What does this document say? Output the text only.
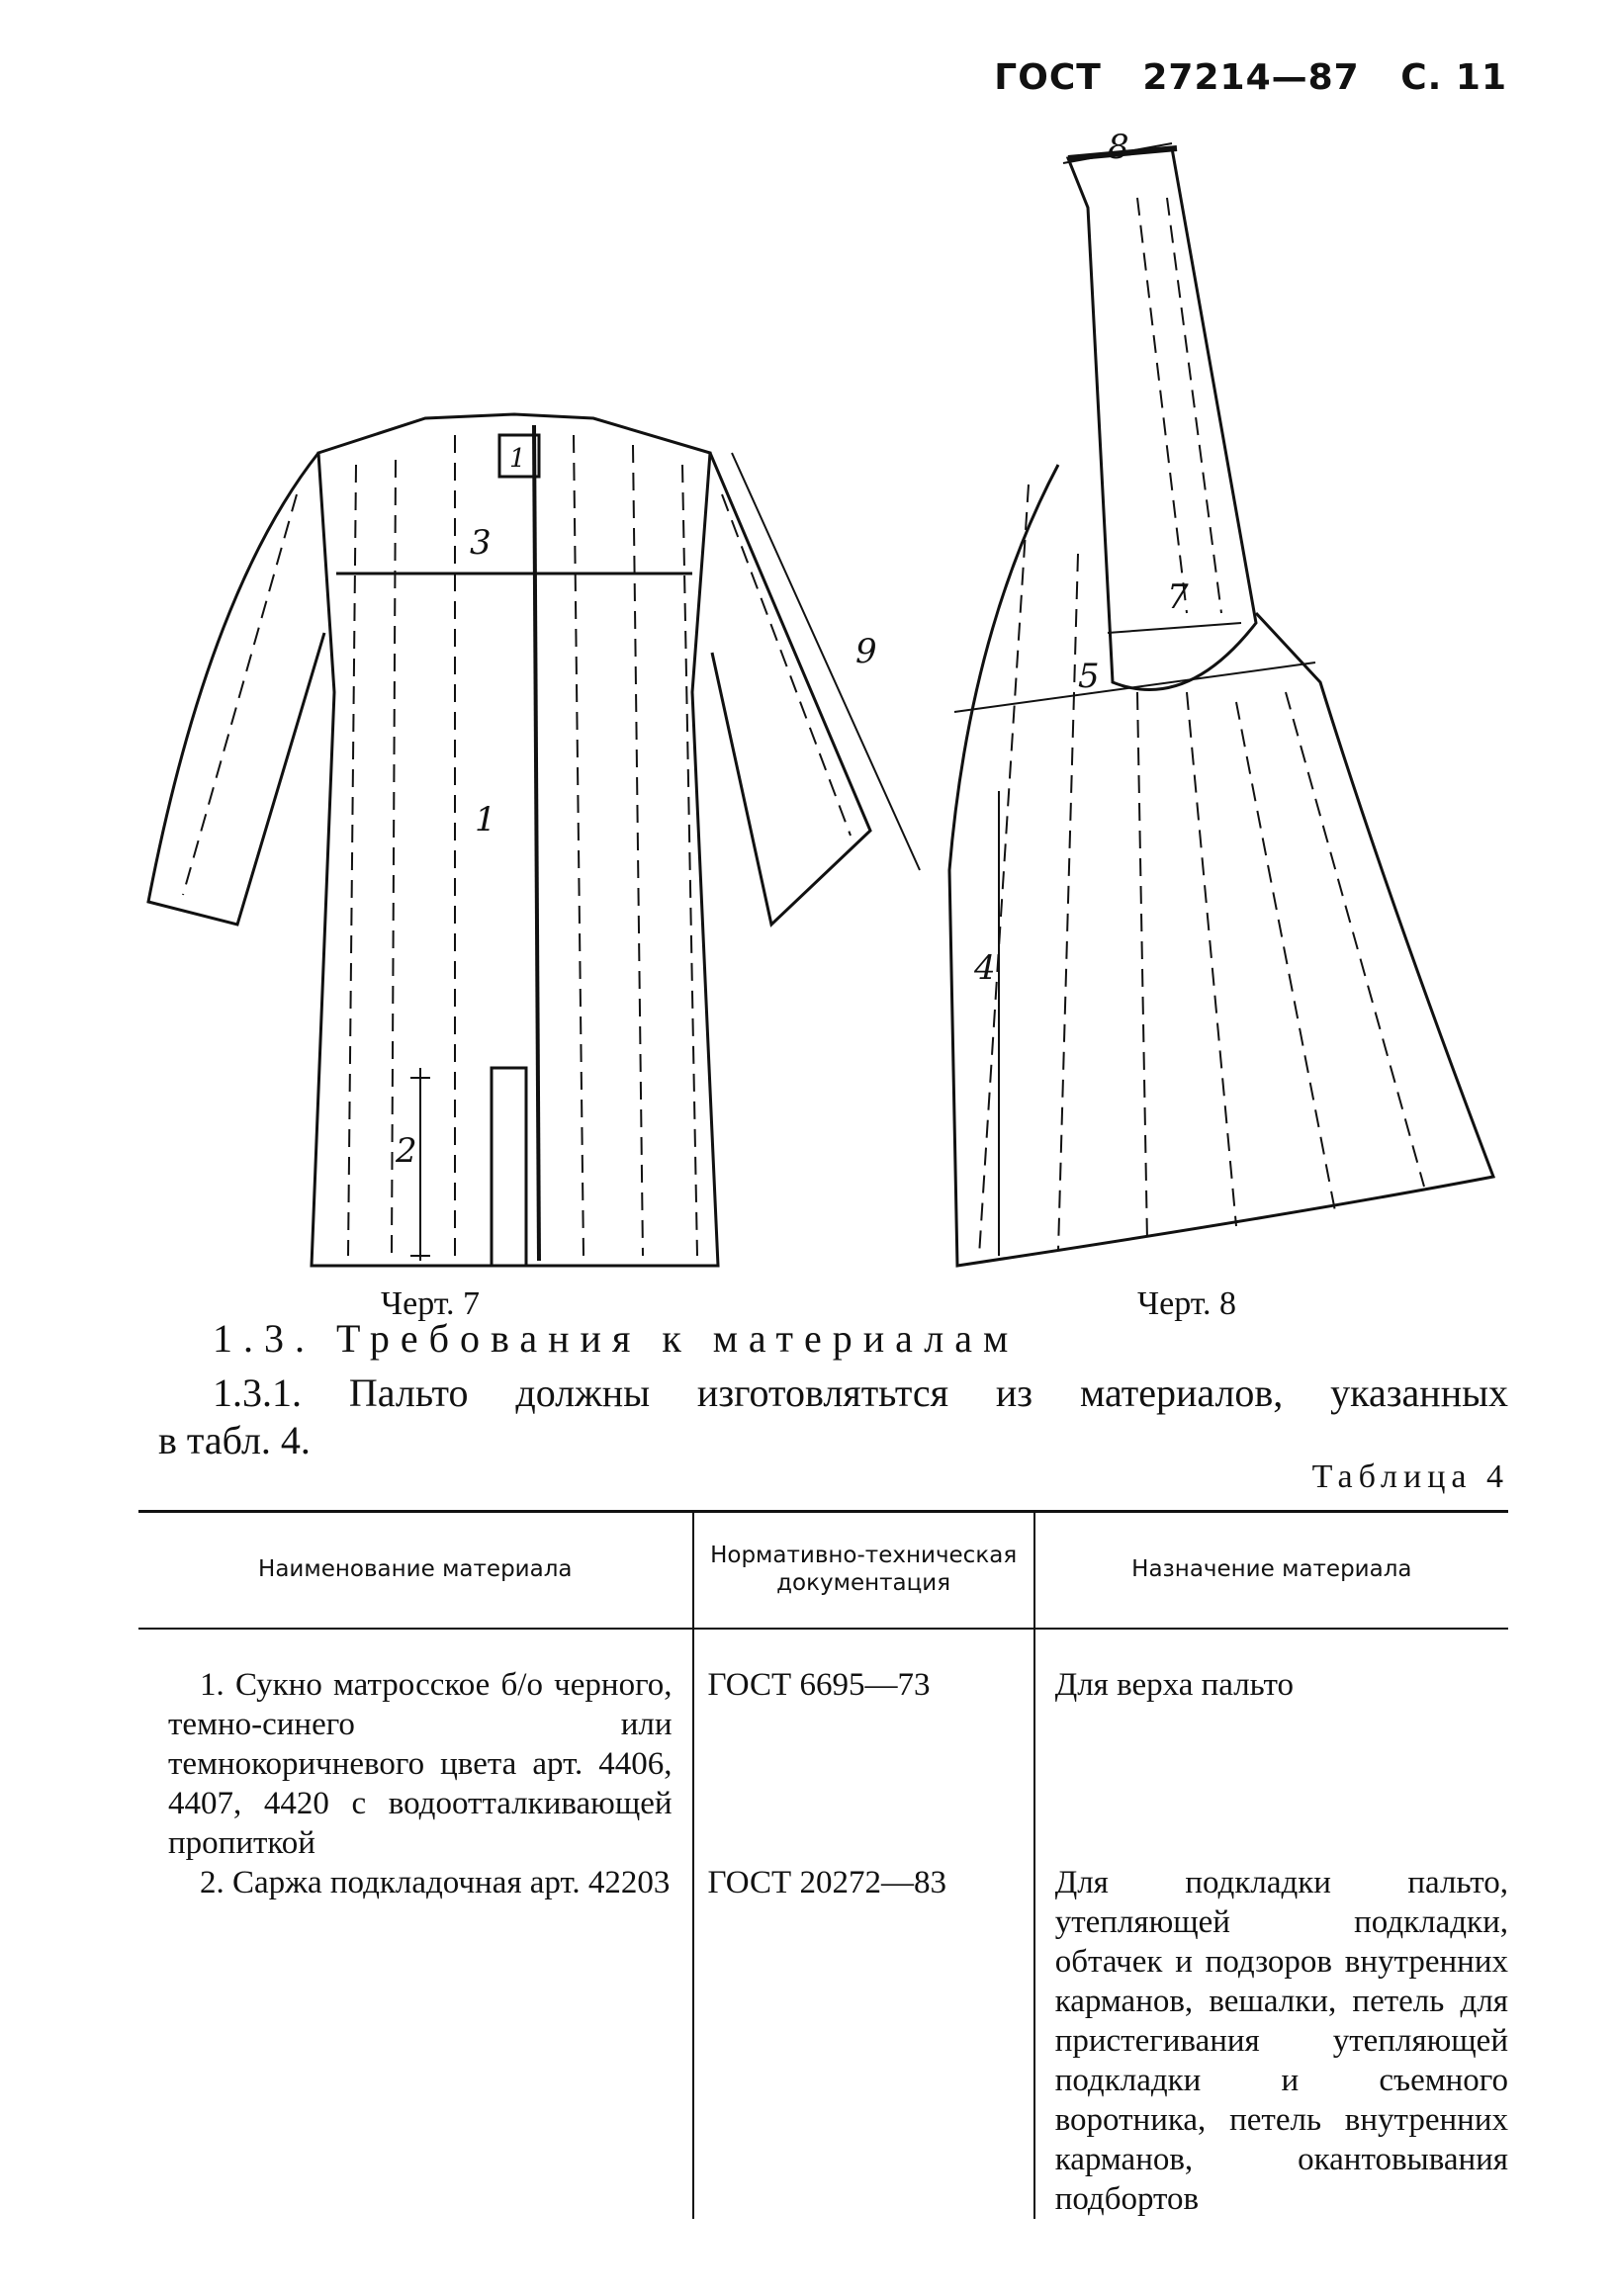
ГОСТ 27214—87 С. 11
3
1
2
9
1
8
7
5
4
Черт. 7	Черт. 8
1.3. Требования к материалам
1.3.1. Пальто должны изготовлятьтся из материалов, указанных
в табл. 4.
Таблица 4
Наименование материала	Нормативно-техническая документация	Назначение материала
1. Сукно матросское б/о черного, темно-синего или темнокоричневого цвета арт. 4406, 4407, 4420 с водоотталкивающей пропиткой	ГОСТ 6695—73	Для верха пальто
2. Саржа подкладочная арт. 42203	ГОСТ 20272—83	Для подкладки пальто, утепляющей подкладки, обтачек и подзоров внутренних карманов, вешалки, петель для пристегивания утепляющей подкладки и съемного воротника, петель внутренних карманов, окантовывания подбортов
